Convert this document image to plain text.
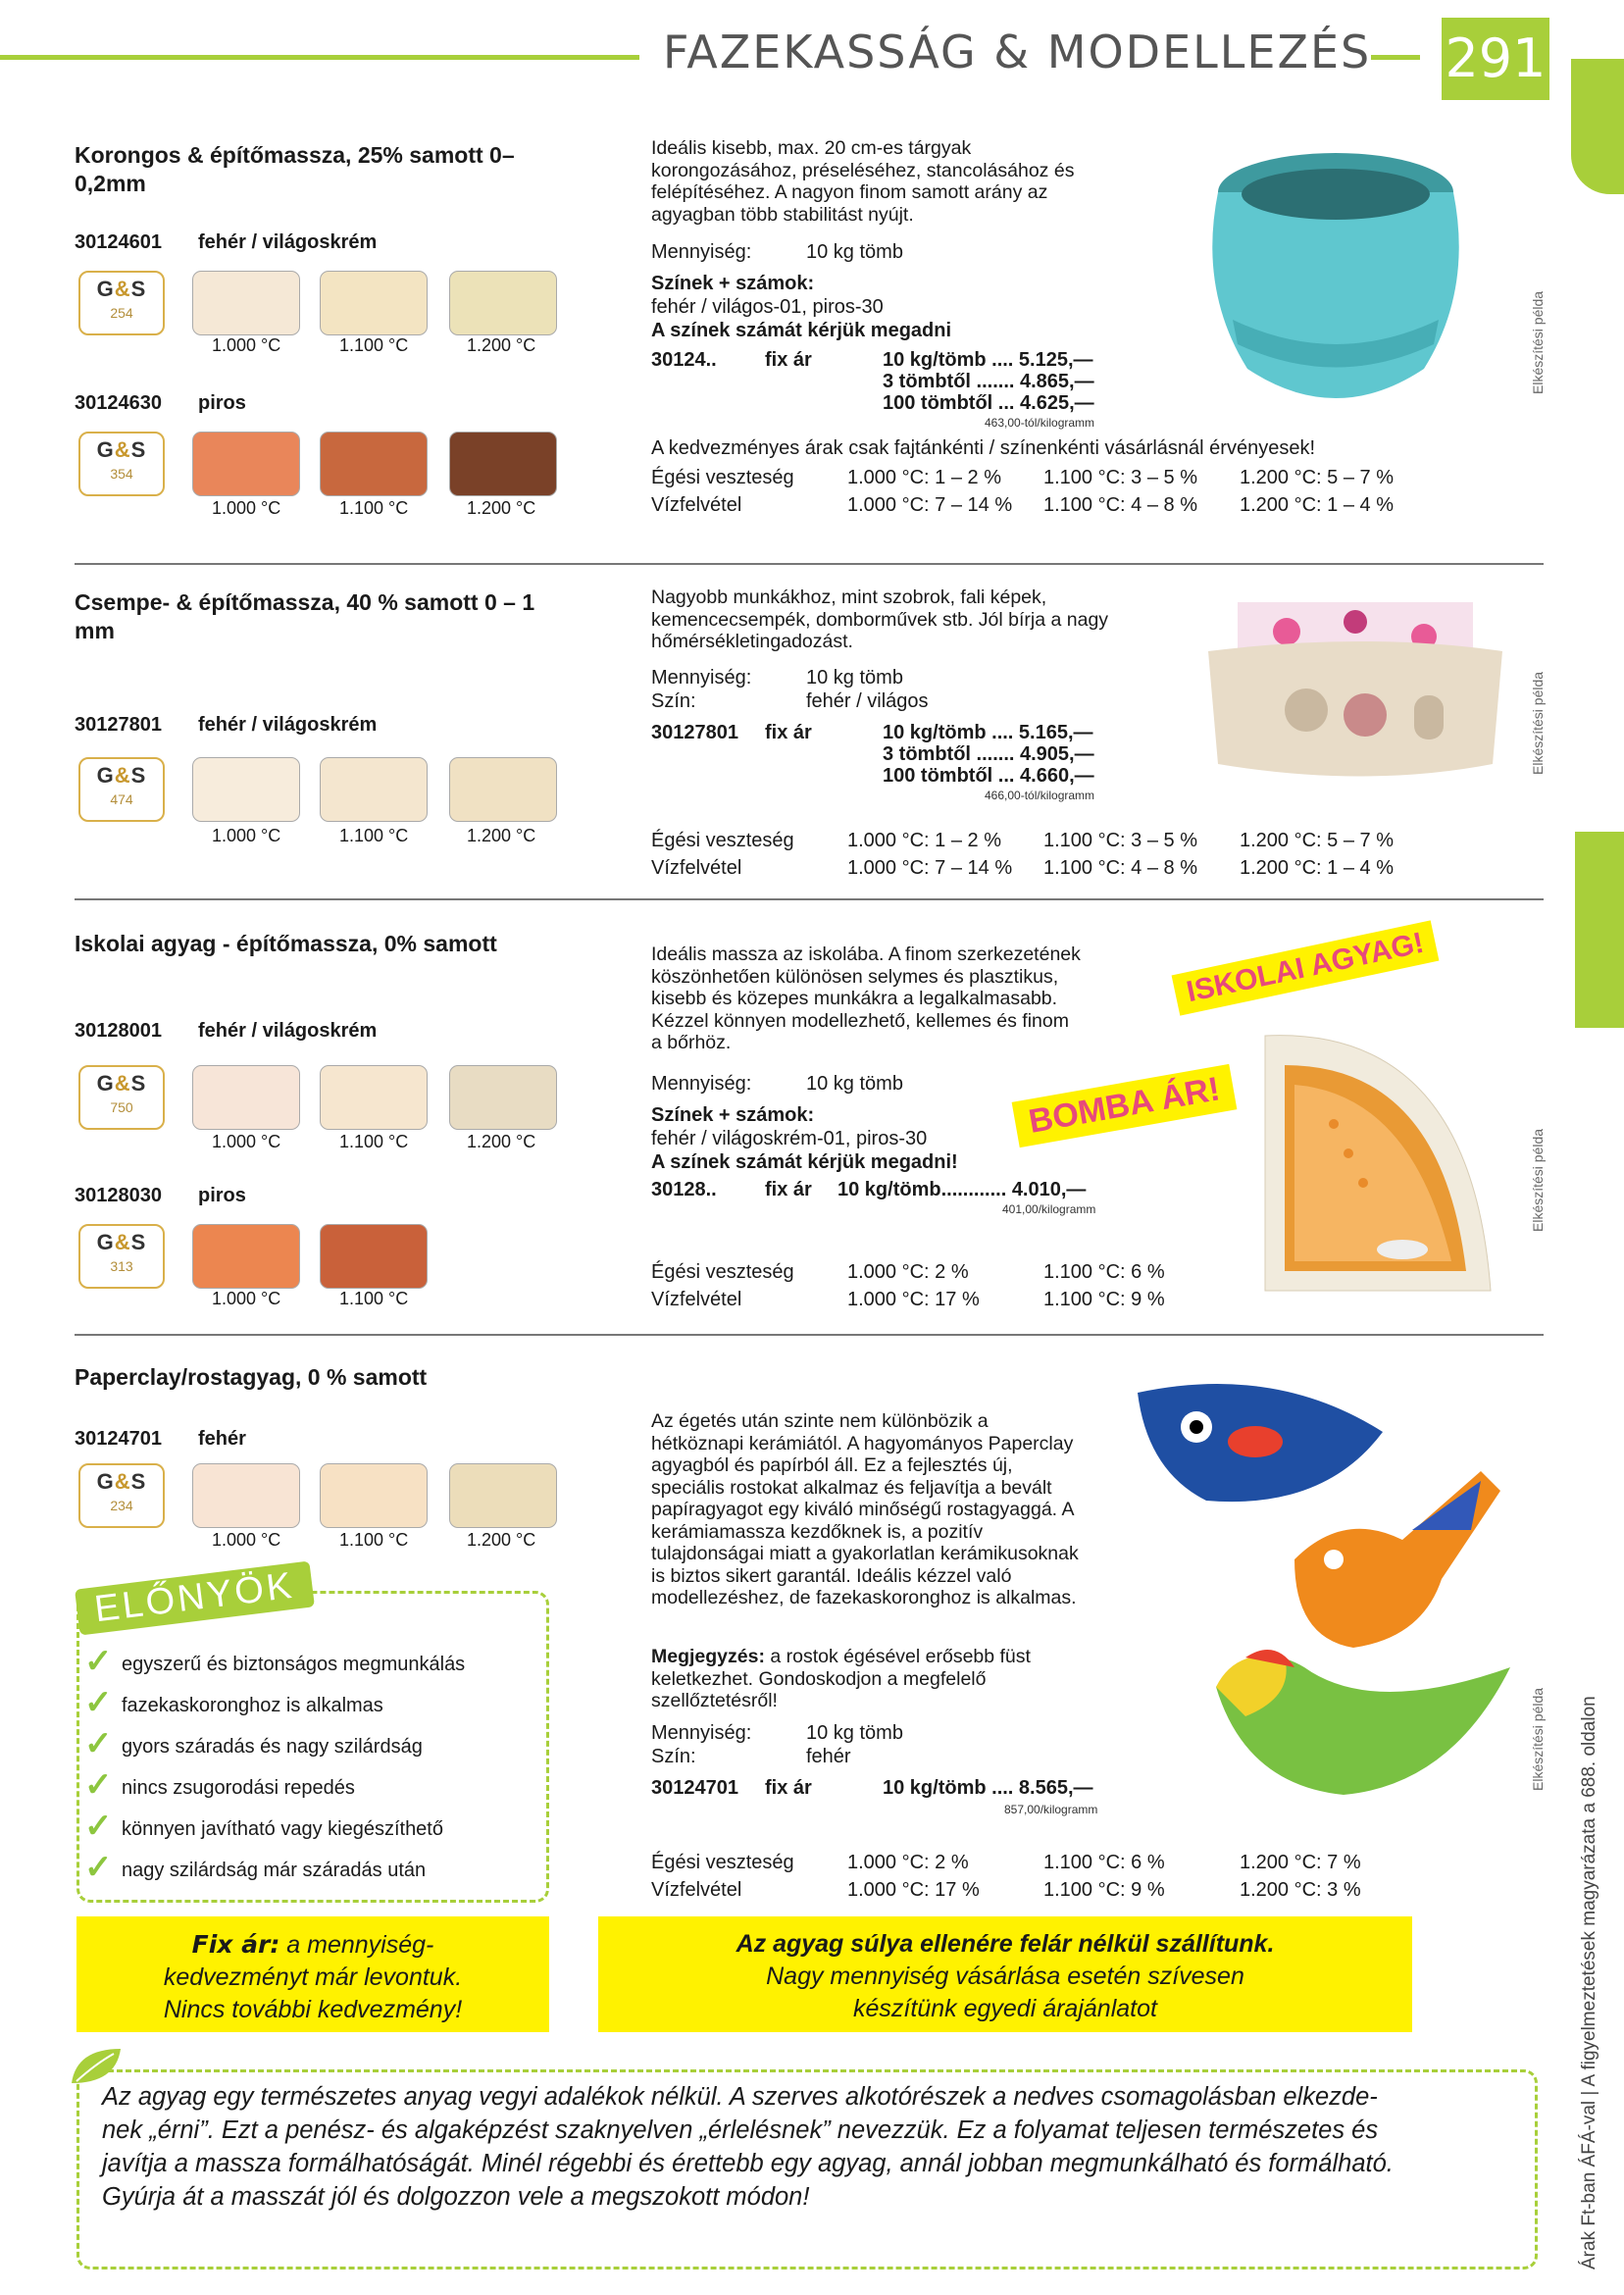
FAZEKASSÁG & MODELLEZÉS 291
Árak Ft-ban ÁFÁ-val | A figyelmeztetések magyarázata a 688. oldalon
Korongos & építőmassza, 25% samott 0–0,2mm
30124601 fehér / világoskrém
G&S
254
1.000 °C	1.100 °C	1.200 °C
30124630 piros
G&S
354
1.000 °C	1.100 °C	1.200 °C
Ideális kisebb, max. 20 cm-es tárgyak korongozásához, préseléséhez, stancolásához és felépítéséhez. A nagyon finom samott arány az agyagban több stabilitást nyújt.
Mennyiség:	10 kg tömb
Színek + számok:
fehér / világos-01, piros-30
A színek számát kérjük megadni
30124.. fix ár	10 kg/tömb .... 5.125,—
3 tömbtől ....... 4.865,—
100 tömbtől ... 4.625,—
463,00-tól/kilogramm
A kedvezményes árak csak fajtánkénti / színenkénti vásárlásnál érvényesek!
Égési veszteség	1.000 °C: 1 – 2 % 1.100 °C: 3 – 5 % 1.200 °C: 5 – 7 %
Vízfelvétel	1.000 °C: 7 – 14 % 1.100 °C: 4 – 8 % 1.200 °C: 1 – 4 %
Elkészítési példa
Csempe- & építőmassza, 40 % samott 0 – 1 mm
30127801 fehér / világoskrém
G&S
474
1.000 °C	1.100 °C	1.200 °C
Nagyobb munkákhoz, mint szobrok, fali képek, kemencecsempék, domborművek stb. Jól bírja a nagy hőmérsékletingadozást.
Mennyiség:	10 kg tömb
Szín:	fehér / világos
30127801 fix ár	10 kg/tömb .... 5.165,—
3 tömbtől ....... 4.905,—
100 tömbtől ... 4.660,—
466,00-tól/kilogramm
Égési veszteség	1.000 °C: 1 – 2 % 1.100 °C: 3 – 5 % 1.200 °C: 5 – 7 %
Vízfelvétel	1.000 °C: 7 – 14 % 1.100 °C: 4 – 8 % 1.200 °C: 1 – 4 %
Elkészítési példa
Iskolai agyag - építőmassza, 0% samott
30128001 fehér / világoskrém
G&S
750
1.000 °C	1.100 °C	1.200 °C
30128030 piros
G&S
313
1.000 °C	1.100 °C
Ideális massza az iskolába. A finom szerkezetének köszönhetően különösen selymes és plasztikus, kisebb és közepes munkákra a legalkalmasabb. Kézzel könnyen modellezhető, kellemes és finom a bőrhöz.
Mennyiség:	10 kg tömb
Színek + számok:
fehér / világoskrém-01, piros-30
A színek számát kérjük megadni!
30128.. fix ár 10 kg/tömb............ 4.010,—
401,00/kilogramm
ISKOLAI AGYAG!
BOMBA ÁR!
Égési veszteség	1.000 °C: 2 %	1.100 °C: 6 %
Vízfelvétel	1.000 °C: 17 %	1.100 °C: 9 %
Elkészítési példa
Paperclay/rostagyag, 0 % samott
30124701 fehér
G&S
234
1.000 °C	1.100 °C	1.200 °C
Az égetés után szinte nem különbözik a hétköznapi kerámiától. A hagyományos Paperclay agyagból és papírból áll. Ez a fejlesztés új, speciális rostokat alkalmaz és feljavítja a bevált papíragyagot egy kiváló minőségű rostagyaggá. A kerámiamassza kezdőknek is, a pozitív tulajdonságai miatt a gyakorlatlan kerámikusoknak is biztos sikert garantál. Ideális kézzel való modellezéshez, de fazekaskoronghoz is alkalmas.
Megjegyzés: a rostok égésével erősebb füst keletkezhet. Gondoskodjon a megfelelő szellőztetésről!
Mennyiség:	10 kg tömb
Szín:	fehér
30124701 fix ár	10 kg/tömb .... 8.565,—
857,00/kilogramm
Égési veszteség	1.000 °C: 2 %	1.100 °C: 6 %	1.200 °C: 7 %
Vízfelvétel	1.000 °C: 17 %	1.100 °C: 9 %	1.200 °C: 3 %
Elkészítési példa
ELŐNYÖK
✓ egyszerű és biztonságos megmunkálás
✓ fazekaskoronghoz is alkalmas
✓ gyors száradás és nagy szilárdság
✓ nincs zsugorodási repedés
✓ könnyen javítható vagy kiegészíthető
✓ nagy szilárdság már száradás után
Fix ár: a mennyiség-
kedvezményt már levontuk.
Nincs további kedvezmény!
Az agyag súlya ellenére felár nélkül szállítunk.
Nagy mennyiség vásárlása esetén szívesen
készítünk egyedi árajánlatot
Az agyag egy természetes anyag vegyi adalékok nélkül. A szerves alkotórészek a nedves csomagolásban elkezde-
nek „érni”. Ezt a penész- és algaképzést szaknyelven „érlelésnek” nevezzük. Ez a folyamat teljesen természetes és
javítja a massza formálhatóságát. Minél régebbi és érettebb egy agyag, annál jobban megmunkálható és formálható.
Gyúrja át a masszát jól és dolgozzon vele a megszokott módon!
